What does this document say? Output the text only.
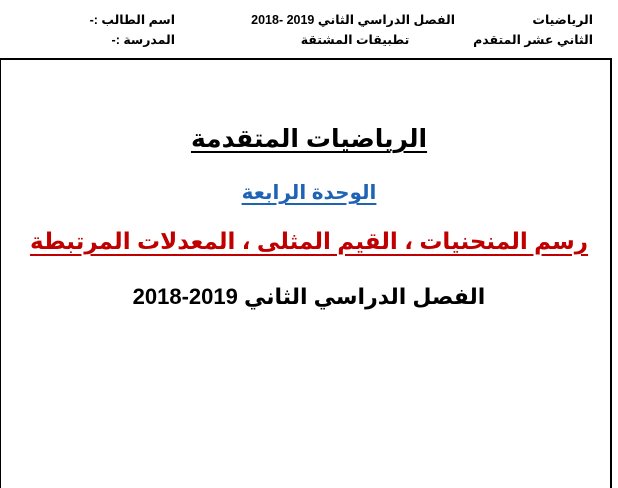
الرياضيات
الثاني عشر المتقدم
الفصل الدراسي الثاني 2019 -2018
تطبيقات المشتقة
اسم الطالب :-
المدرسة :-
الرياضيات المتقدمة
الوحدة الرابعة
رسم المنحنيات ، القيم المثلى ، المعدلات المرتبطة
الفصل الدراسي الثاني 2019-2018
